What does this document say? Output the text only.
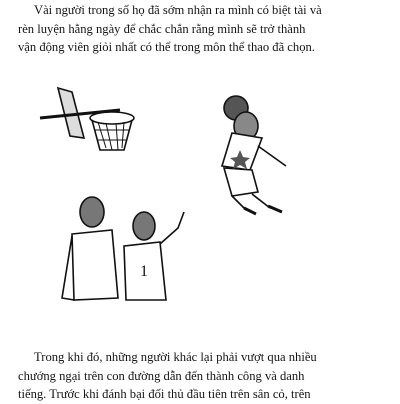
Vài người trong số họ đã sớm nhận ra mình có biệt tài và
rèn luyện hằng ngày để chắc chắn rằng mình sẽ trở thành
vận động viên giỏi nhất có thể trong môn thể thao đã chọn.
1
Trong khi đó, những người khác lại phải vượt qua nhiều
chướng ngại trên con đường dẫn đến thành công và danh
tiếng. Trước khi đánh bại đối thủ đầu tiên trên sân cỏ, trên
